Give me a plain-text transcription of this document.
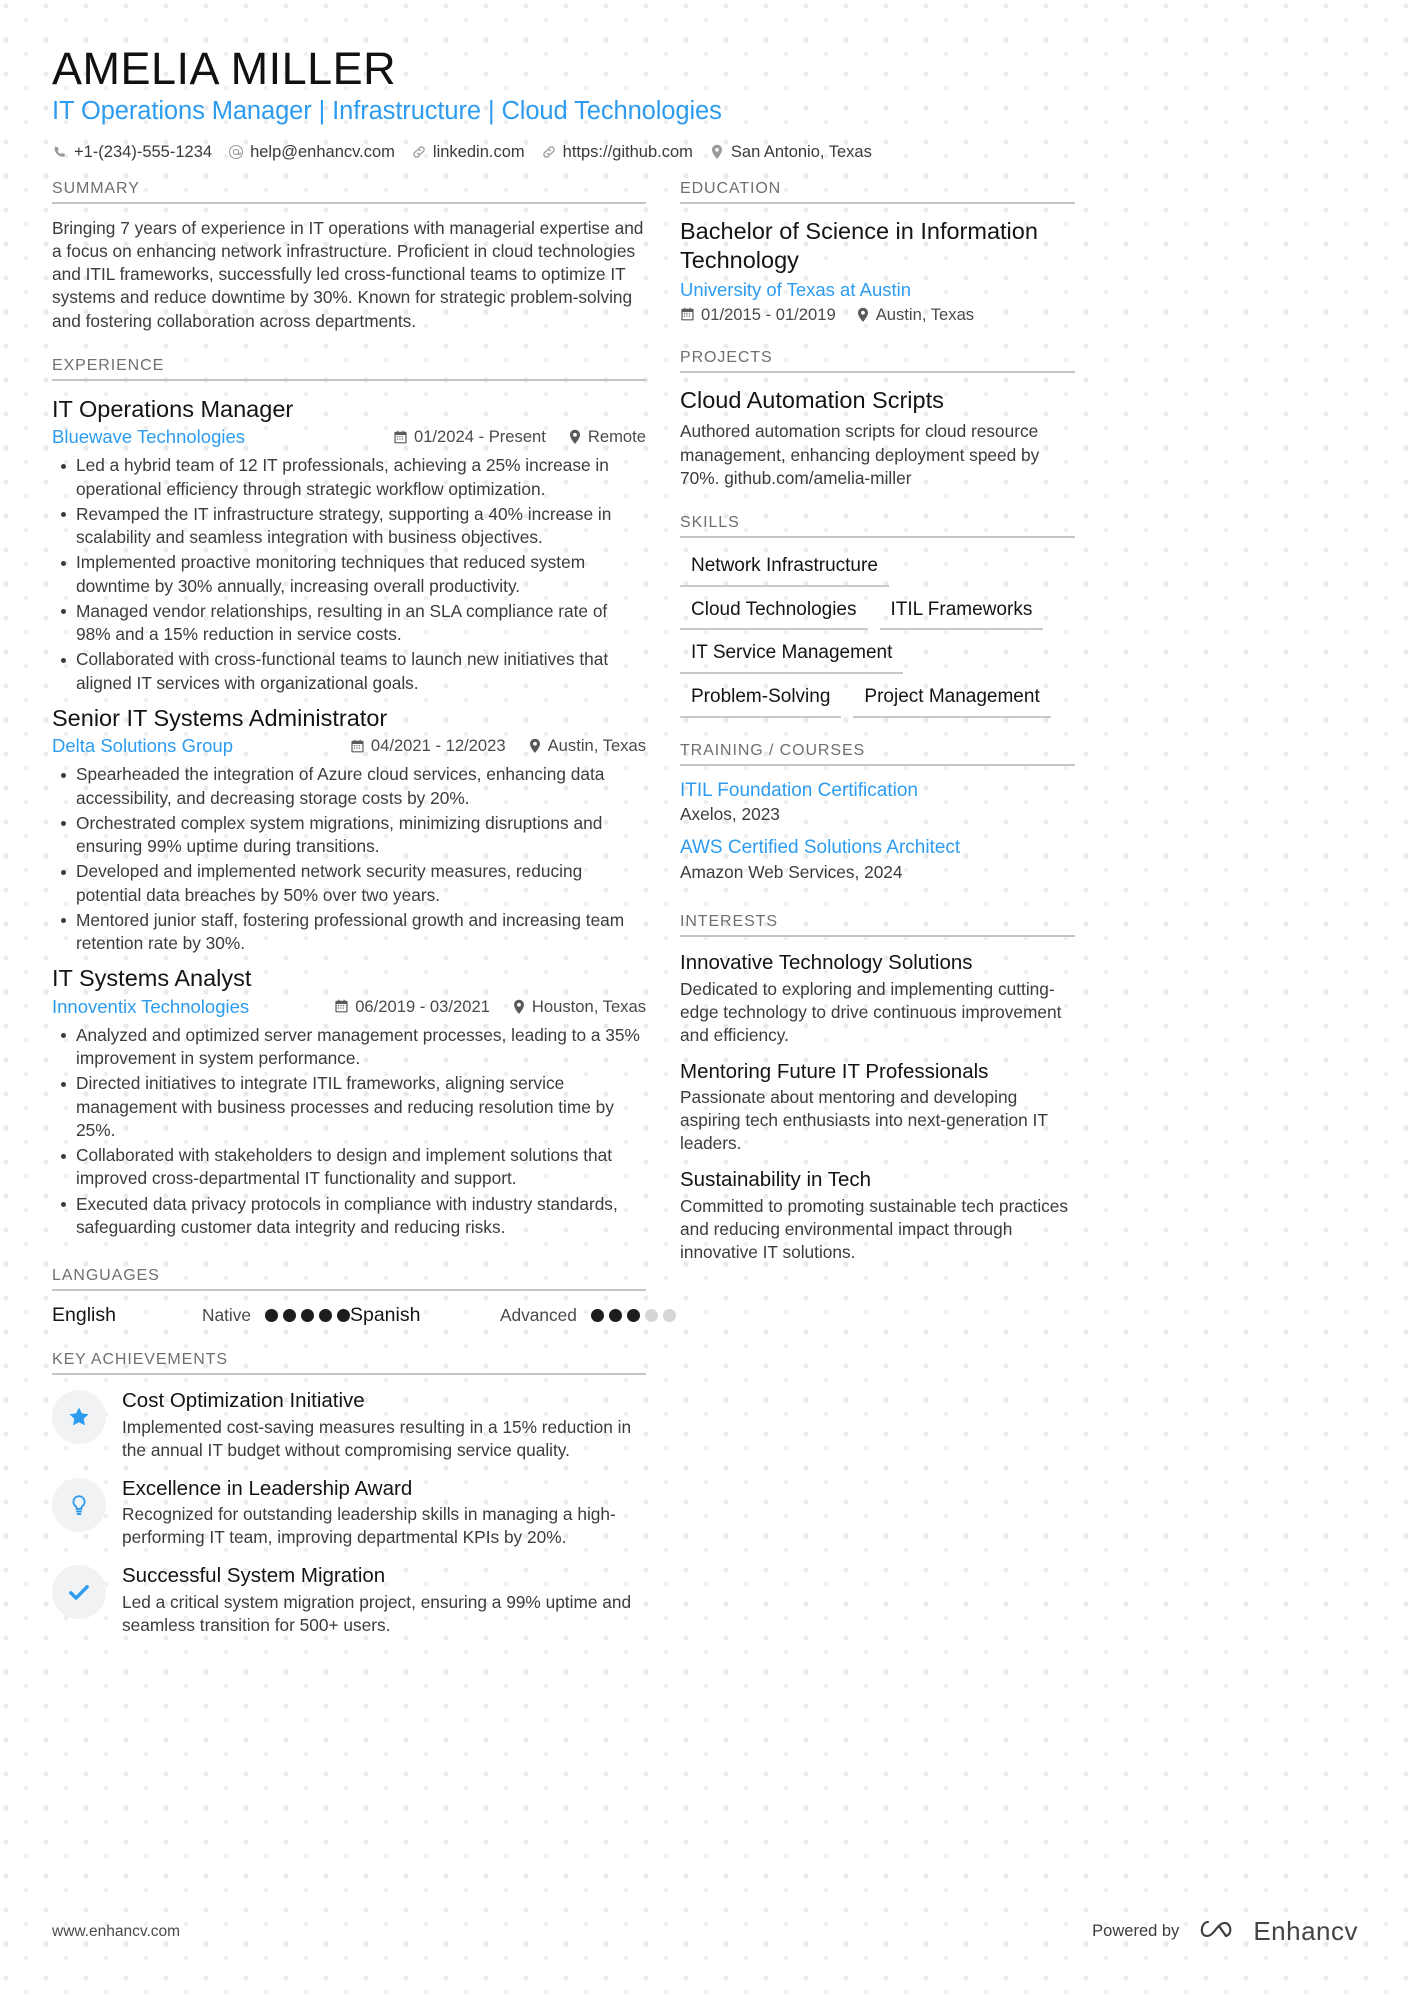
AMELIA MILLER
IT Operations Manager | Infrastructure | Cloud Technologies
+1-(234)-555-1234 help@enhancv.com linkedin.com https://github.com San Antonio, Texas
SUMMARY
Bringing 7 years of experience in IT operations with managerial expertise and a focus on enhancing network infrastructure. Proficient in cloud technologies and ITIL frameworks, successfully led cross-functional teams to optimize IT systems and reduce downtime by 30%. Known for strategic problem-solving and fostering collaboration across departments.
EXPERIENCE
IT Operations Manager
Bluewave Technologies	01/2024 - Present	Remote
Led a hybrid team of 12 IT professionals, achieving a 25% increase in operational efficiency through strategic workflow optimization.
Revamped the IT infrastructure strategy, supporting a 40% increase in scalability and seamless integration with business objectives.
Implemented proactive monitoring techniques that reduced system downtime by 30% annually, increasing overall productivity.
Managed vendor relationships, resulting in an SLA compliance rate of 98% and a 15% reduction in service costs.
Collaborated with cross-functional teams to launch new initiatives that aligned IT services with organizational goals.
Senior IT Systems Administrator
Delta Solutions Group	04/2021 - 12/2023	Austin, Texas
Spearheaded the integration of Azure cloud services, enhancing data accessibility, and decreasing storage costs by 20%.
Orchestrated complex system migrations, minimizing disruptions and ensuring 99% uptime during transitions.
Developed and implemented network security measures, reducing potential data breaches by 50% over two years.
Mentored junior staff, fostering professional growth and increasing team retention rate by 30%.
IT Systems Analyst
Innoventix Technologies	06/2019 - 03/2021	Houston, Texas
Analyzed and optimized server management processes, leading to a 35% improvement in system performance.
Directed initiatives to integrate ITIL frameworks, aligning service management with business processes and reducing resolution time by 25%.
Collaborated with stakeholders to design and implement solutions that improved cross-departmental IT functionality and support.
Executed data privacy protocols in compliance with industry standards, safeguarding customer data integrity and reducing risks.
LANGUAGES
English	Native	Spanish	Advanced
KEY ACHIEVEMENTS
Cost Optimization Initiative
Implemented cost-saving measures resulting in a 15% reduction in the annual IT budget without compromising service quality.
Excellence in Leadership Award
Recognized for outstanding leadership skills in managing a high-performing IT team, improving departmental KPIs by 20%.
Successful System Migration
Led a critical system migration project, ensuring a 99% uptime and seamless transition for 500+ users.
EDUCATION
Bachelor of Science in Information Technology
University of Texas at Austin
01/2015 - 01/2019 Austin, Texas
PROJECTS
Cloud Automation Scripts
Authored automation scripts for cloud resource management, enhancing deployment speed by 70%. github.com/amelia-miller
SKILLS
Network Infrastructure
Cloud Technologies	ITIL Frameworks
IT Service Management
Problem-Solving	Project Management
TRAINING / COURSES
ITIL Foundation Certification
Axelos, 2023
AWS Certified Solutions Architect
Amazon Web Services, 2024
INTERESTS
Innovative Technology Solutions
Dedicated to exploring and implementing cutting-edge technology to drive continuous improvement and efficiency.
Mentoring Future IT Professionals
Passionate about mentoring and developing aspiring tech enthusiasts into next-generation IT leaders.
Sustainability in Tech
Committed to promoting sustainable tech practices and reducing environmental impact through innovative IT solutions.
www.enhancv.com	Powered by	Enhancv
